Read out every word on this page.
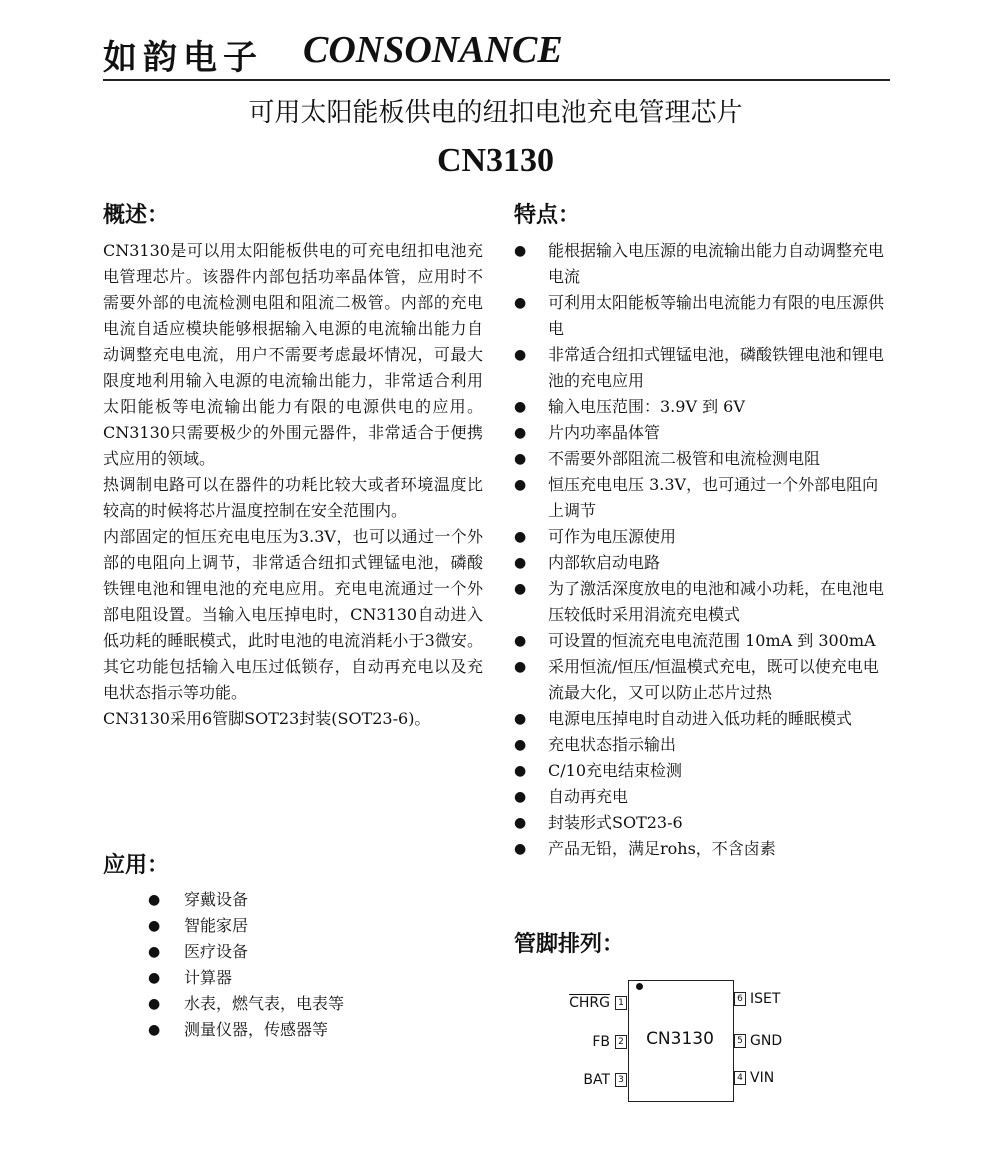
如韵电子 CONSONANCE
可用太阳能板供电的纽扣电池充电管理芯片
CN3130
概述：

CN3130是可以用太阳能板供电的可充电纽扣电池充电管理芯片。该器件内部包括功率晶体管，应用时不需要外部的电流检测电阻和阻流二极管。内部的充电电流自适应模块能够根据输入电源的电流输出能力自动调整充电电流，用户不需要考虑最坏情况，可最大限度地利用输入电源的电流输出能力，非常适合利用太阳能板等电流输出能力有限的电源供电的应用。CN3130只需要极少的外围元器件，非常适合于便携式应用的领域。

热调制电路可以在器件的功耗比较大或者环境温度比较高的时候将芯片温度控制在安全范围内。

内部固定的恒压充电电压为3.3V，也可以通过一个外部的电阻向上调节，非常适合纽扣式锂锰电池，磷酸铁锂电池和锂电池的充电应用。充电电流通过一个外部电阻设置。当输入电压掉电时，CN3130自动进入低功耗的睡眠模式，此时电池的电流消耗小于3微安。其它功能包括输入电压过低锁存，自动再充电以及充电状态指示等功能。

CN3130采用6管脚SOT23封装(SOT23-6)。

特点：
● 能根据输入电压源的电流输出能力自动调整充电电流
● 可利用太阳能板等输出电流能力有限的电压源供电
● 非常适合纽扣式锂锰电池，磷酸铁锂电池和锂电池的充电应用
● 输入电压范围：3.9V 到 6V
● 片内功率晶体管
● 不需要外部阻流二极管和电流检测电阻
● 恒压充电电压 3.3V，也可通过一个外部电阻向上调节
● 可作为电压源使用
● 内部软启动电路
● 为了激活深度放电的电池和减小功耗，在电池电压较低时采用涓流充电模式
● 可设置的恒流充电电流范围 10mA 到 300mA
● 采用恒流/恒压/恒温模式充电，既可以使充电电流最大化，又可以防止芯片过热
● 电源电压掉电时自动进入低功耗的睡眠模式
● 充电状态指示输出
● C/10充电结束检测
● 自动再充电
● 封装形式SOT23-6
● 产品无铅，满足rohs，不含卤素
应用：
● 穿戴设备
● 智能家居
● 医疗设备
● 计算器
● 水表，燃气表，电表等
● 测量仪器，传感器等
管脚排列：
CN3130
CHRG 1
FB 2
BAT 3
6 ISET
5 GND
4 VIN
